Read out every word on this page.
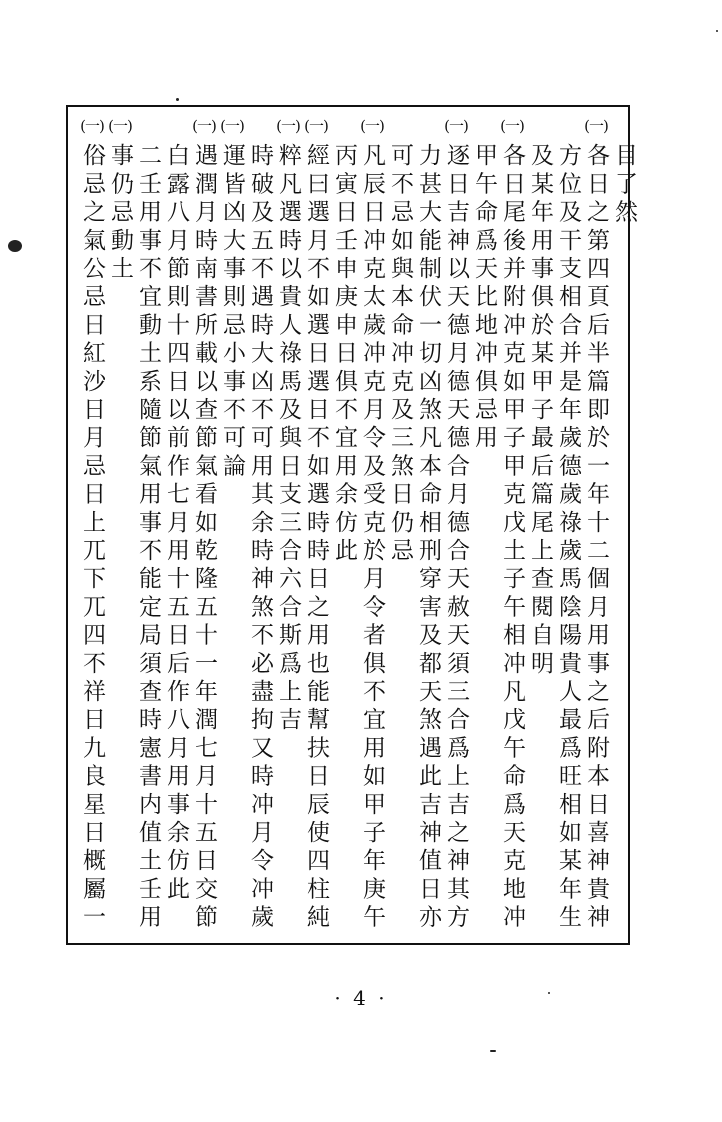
目了然
(一)
各日之第四頁后半篇即於一年十二個月用事之后附本日喜神貴神
方位及干支相合并是年歲德歲祿歲馬陰陽貴人最爲旺相如某年生
及某年用事俱於某甲子最后篇尾上查閱自明
(一)
各日尾後并附冲克如甲子甲克戊土子午相冲凡戊午命爲天克地冲
甲午命爲天比地冲俱忌用
(一)
逐日吉神以天德月德天德合月德合天赦天須三合爲上吉之神其方
力甚大能制伏一切凶煞凡本命相刑穿害及都天煞遇此吉神值日亦
可不忌如與本命冲克及三煞日仍忌
(一)
凡辰日冲克太歲冲克月令及受克於月令者俱不宜用如甲子年庚午
丙寅日壬申庚申日俱不宜用余仿此
(一)
經曰選月不如選日選日不如選時時日之用也能幫扶日辰使四柱純
(一)
粹凡選時以貴人祿馬及與日支三合六合斯爲上吉
時破及五不遇時大凶不可用其余時神煞不必盡拘又時冲月令冲歲
(一)
運皆凶大事則忌小事不可論
(一)
遇潤月時南書所載以查節氣看如乾隆五十一年潤七月十五日交節
白露八月節則十四日以前作七月用十五日后作八月用事余仿此
二壬用事不宜動土系隨節氣用事不能定局須查時憲書内值土壬用
(一)
事仍忌動土
(一)
俗忌之氣公忌日紅沙日月忌日上兀下兀四不祥日九良星日概屬一
· 4 ·
